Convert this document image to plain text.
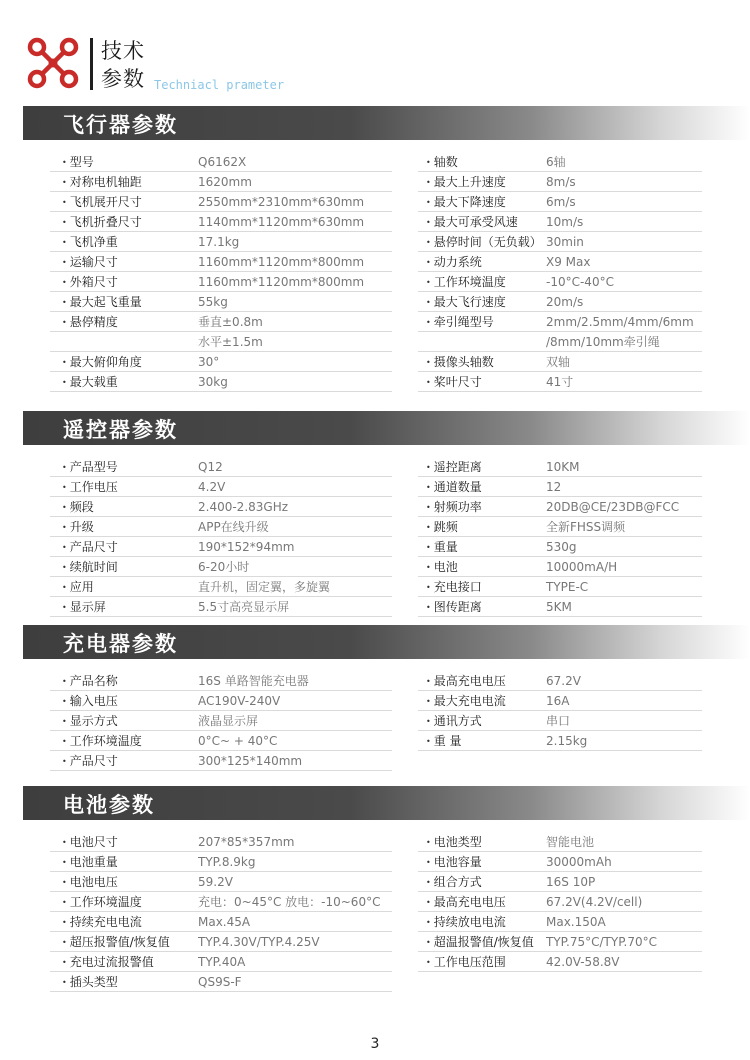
技术
参数 Techniacl prameter
飞行器参数
• 型号	Q6162X	• 轴数	6轴
• 对称电机轴距	1620mm	• 最大上升速度	8m/s
• 飞机展开尺寸	2550mm*2310mm*630mm	• 最大下降速度	6m/s
• 飞机折叠尺寸	1140mm*1120mm*630mm	• 最大可承受风速 10m/s
• 飞机净重	17.1kg	• 悬停时间（无负载） 30min
• 运输尺寸	1160mm*1120mm*800mm	• 动力系统	X9 Max
• 外箱尺寸	1160mm*1120mm*800mm	• 工作环境温度	-10°C-40°C
• 最大起飞重量	55kg	• 最大飞行速度	20m/s
• 悬停精度	垂直±0.8m	• 牵引绳型号	2mm/2.5mm/4mm/6mm
水平±1.5m	/8mm/10mm牵引绳
• 最大俯仰角度	30°	• 摄像头轴数	双轴
• 最大载重	30kg	• 桨叶尺寸	41寸
遥控器参数
• 产品型号	Q12	• 遥控距离	10KM
• 工作电压	4.2V	• 通道数量	12
• 频段	2.400-2.83GHz	• 射频功率	20DB@CE/23DB@FCC
• 升级	APP在线升级	• 跳频	全新FHSS调频
• 产品尺寸	190*152*94mm	• 重量	530g
• 续航时间	6-20小时	• 电池	10000mA/H
• 应用	直升机，固定翼，多旋翼	• 充电接口	TYPE-C
• 显示屏	5.5寸高亮显示屏	• 图传距离	5KM
充电器参数
• 产品名称	16S 单路智能充电器	• 最高充电电压	67.2V
• 输入电压	AC190V-240V	• 最大充电电流	16A
• 显示方式	液晶显示屏	• 通讯方式	串口
• 工作环境温度	0°C~ + 40°C	• 重 量	2.15kg
• 产品尺寸	300*125*140mm
电池参数
• 电池尺寸	207*85*357mm	• 电池类型	智能电池
• 电池重量	TYP.8.9kg	• 电池容量	30000mAh
• 电池电压	59.2V	• 组合方式	16S 10P
• 工作环境温度	充电：0~45°C 放电：-10~60°C	• 最高充电电压	67.2V(4.2V/cell)
• 持续充电电流	Max.45A	• 持续放电电流	Max.150A
• 超压报警值/恢复值 TYP.4.30V/TYP.4.25V	• 超温报警值/恢复值 TYP.75°C/TYP.70°C
• 充电过流报警值	TYP.40A	• 工作电压范围	42.0V-58.8V
• 插头类型	QS9S-F
3
